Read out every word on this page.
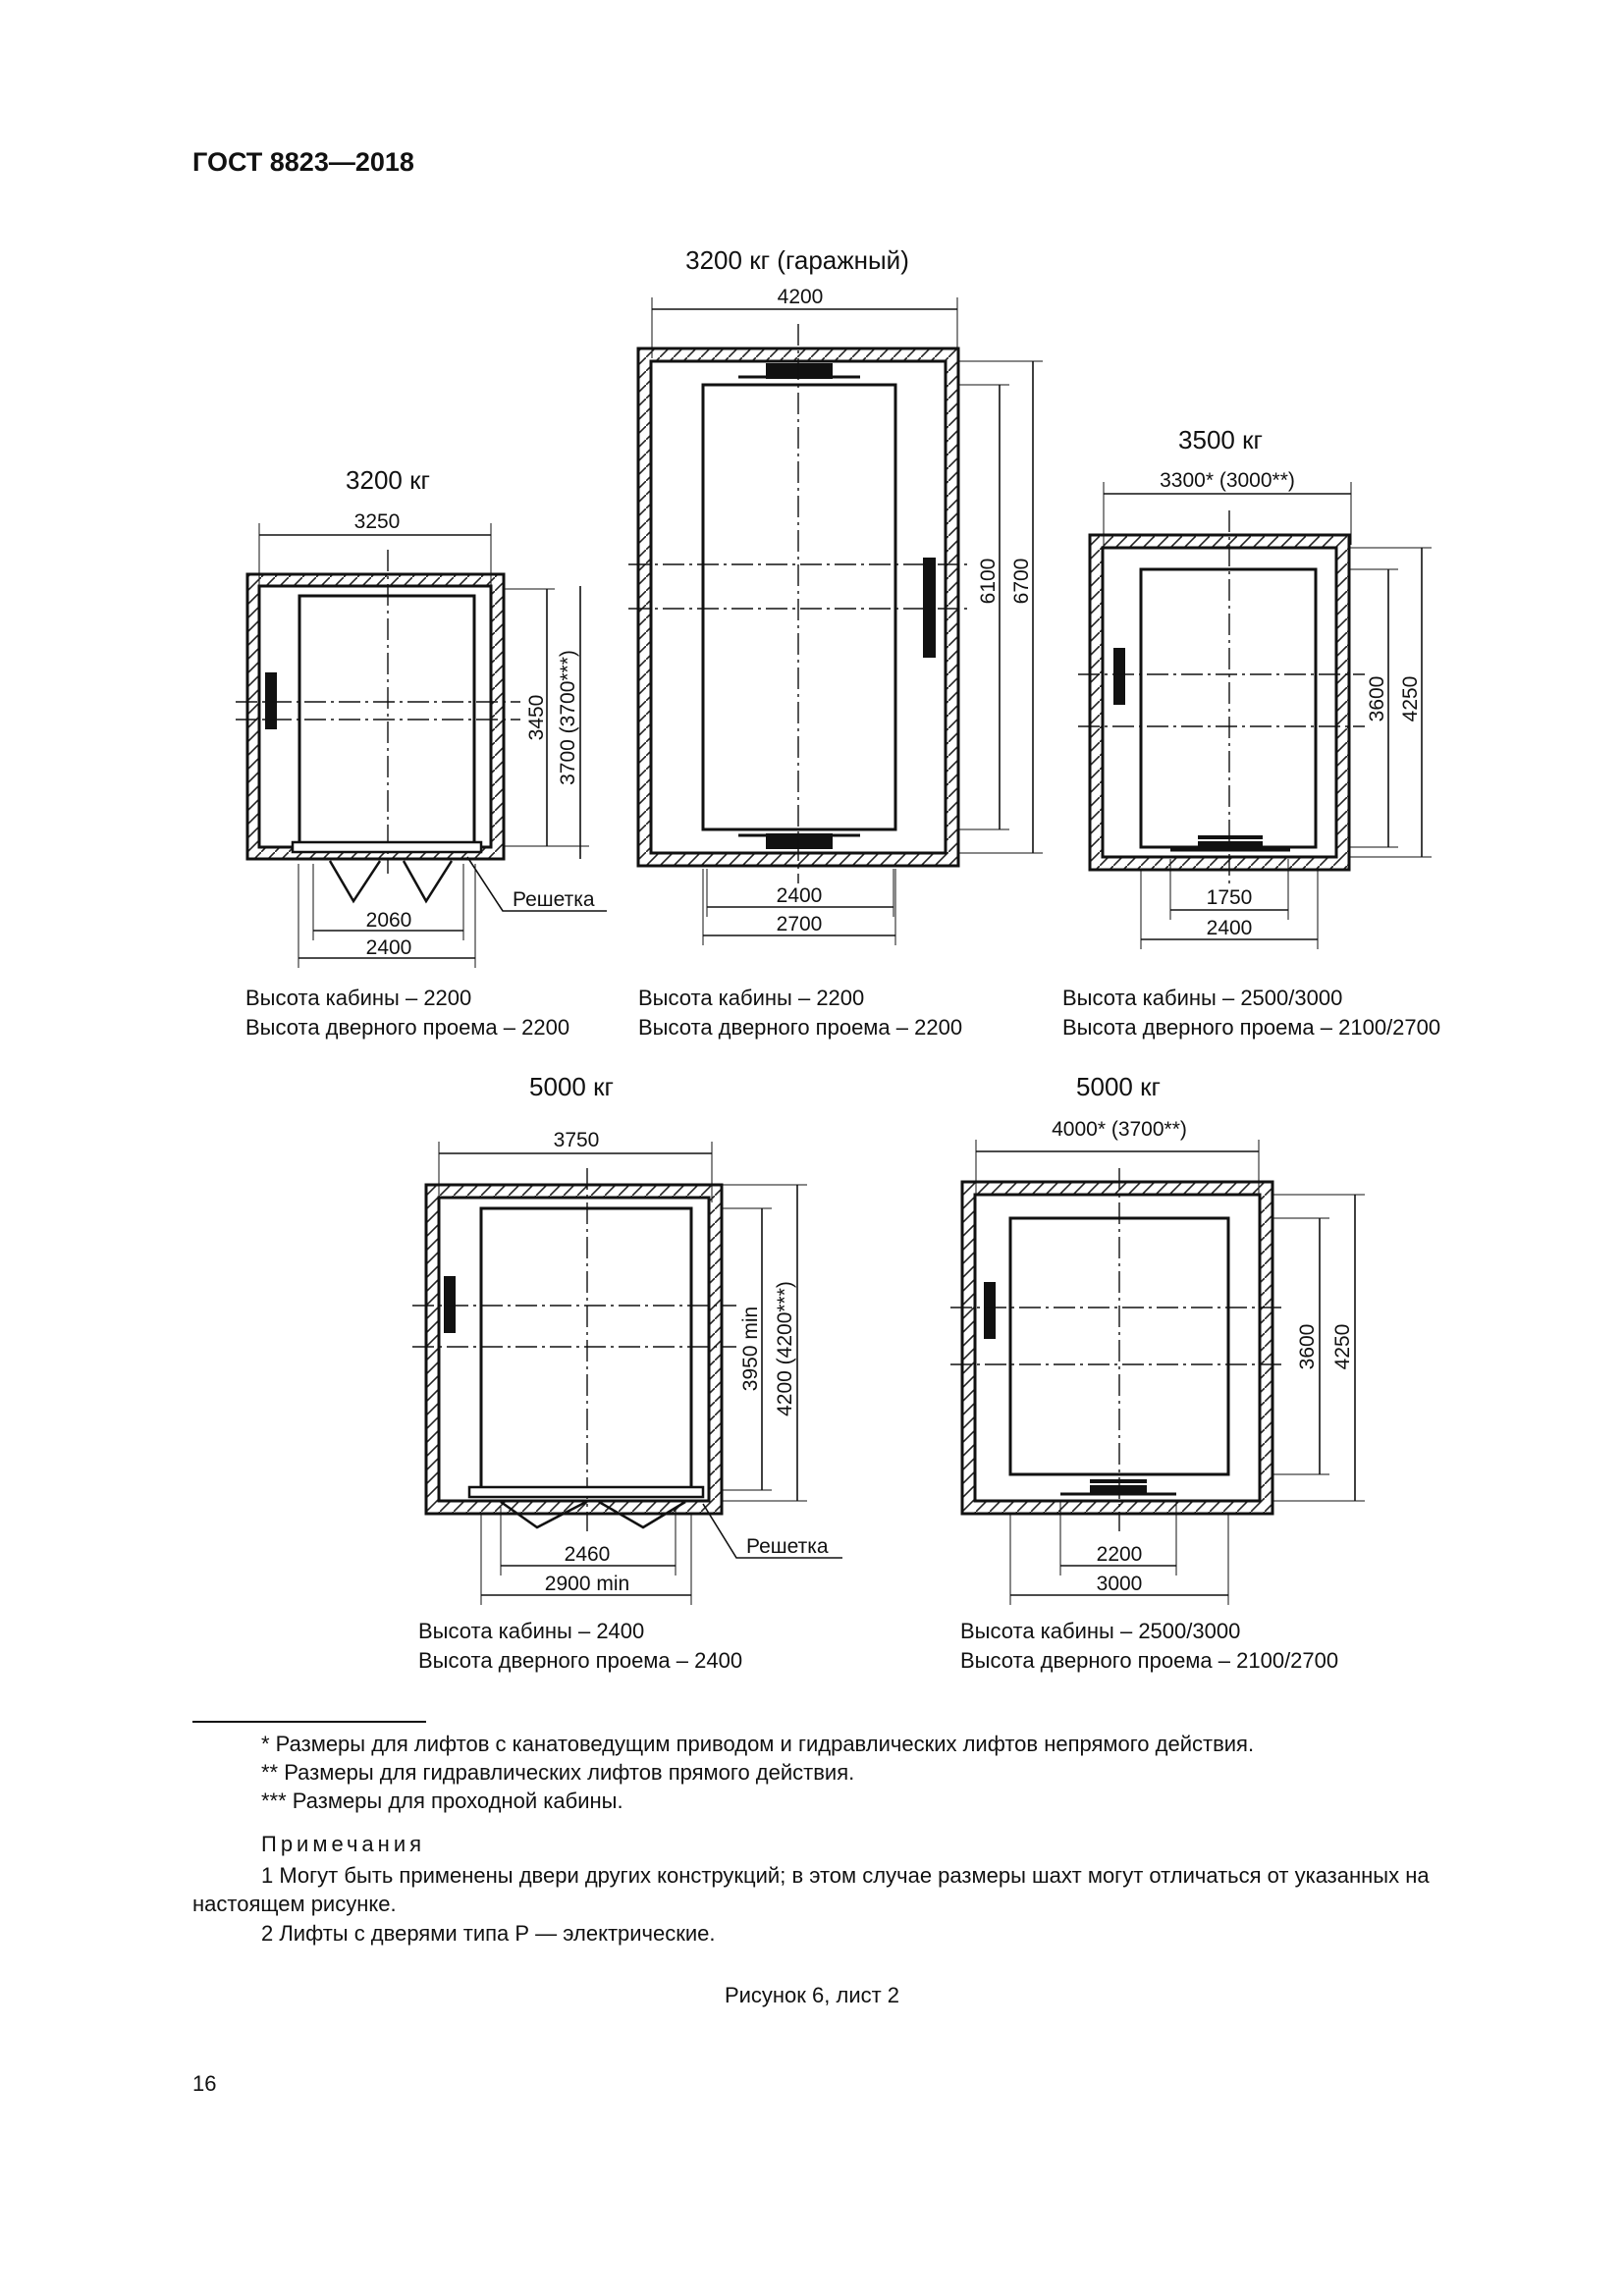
ГОСТ 8823—2018
3200 кг
3250
3450 3700 (3700***)
2060
2400
Решетка
3200 кг (гаражный)
4200
6100 6700
2400
2700
3500 кг
3300* (3000**)
3600 4250
1750
2400
5000 кг
3750
3950 min 4200 (4200***)
2460
2900 min
Решетка
5000 кг
4000* (3700**)
3600 4250
2200
3000
Высота кабины – 2200
Высота дверного проема – 2200
Высота кабины – 2200
Высота дверного проема – 2200
Высота кабины – 2500/3000
Высота дверного проема – 2100/2700
Высота кабины – 2400
Высота дверного проема – 2400
Высота кабины – 2500/3000
Высота дверного проема – 2100/2700
* Размеры для лифтов с канатоведущим приводом и гидравлических лифтов непрямого действия.
** Размеры для гидравлических лифтов прямого действия.
*** Размеры для проходной кабины.
Примечания
1 Могут быть применены двери других конструкций; в этом случае размеры шахт могут отличаться от указанных на настоящем рисунке.
2 Лифты с дверями типа Р — электрические.
Рисунок 6, лист 2
16
